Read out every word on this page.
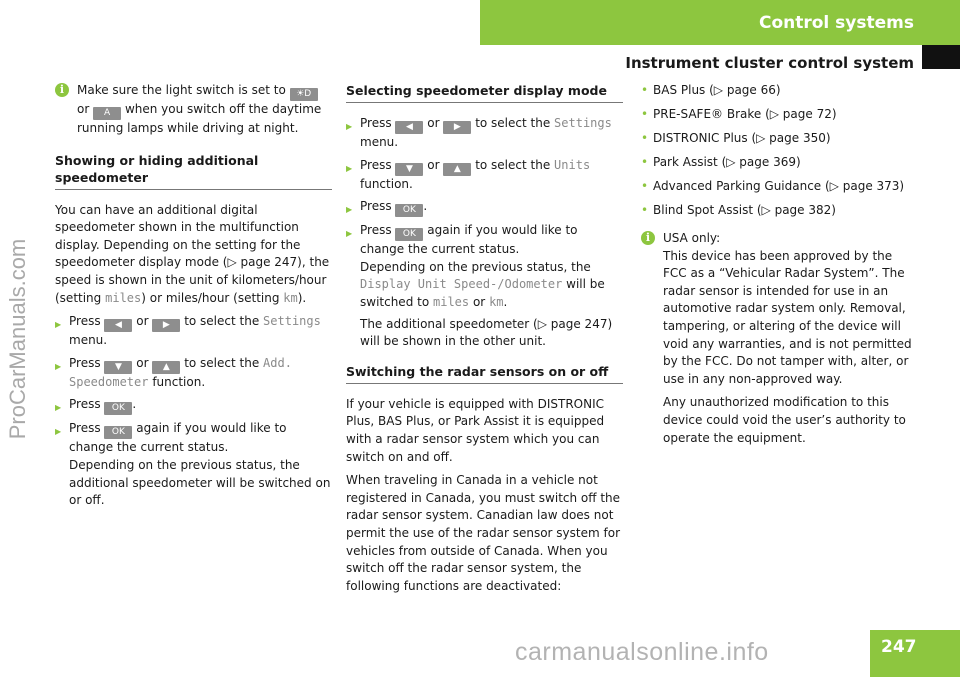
Control systems
Instrument cluster control system
ProCarManuals.com
i	Make sure the light switch is set to ☀D or A when you switch off the daytime running lamps while driving at night.
Showing or hiding additional speedometer

You can have an additional digital speedometer shown in the multifunction display. Depending on the setting for the speedometer display mode (▷ page 247), the speed is shown in the unit of kilometers/hour (setting miles) or miles/hour (setting km).

▶ Press ◀ or ▶ to select the Settings menu.
▶ Press ▼ or ▲ to select the Add. Speedometer function.
▶ Press OK .
▶ Press OK again if you would like to change the current status.
Depending on the previous status, the additional speedometer will be switched on or off.
Selecting speedometer display mode
▶ Press ◀ or ▶ to select the Settings menu.
▶ Press ▼ or ▲ to select the Units function.
▶ Press OK .
▶ Press OK again if you would like to change the current status.
Depending on the previous status, the Display Unit Speed-/Odometer will be switched to miles or km.

The additional speedometer (▷ page 247) will be shown in the other unit.

Switching the radar sensors on or off

If your vehicle is equipped with DISTRONIC Plus, BAS Plus, or Park Assist it is equipped with a radar sensor system which you can switch on and off.

When traveling in Canada in a vehicle not registered in Canada, you must switch off the radar sensor system. Canadian law does not permit the use of the radar sensor system for vehicles from outside of Canada. When you switch off the radar sensor system, the following functions are deactivated:

• BAS Plus (▷ page 66)
• PRE-SAFE® Brake (▷ page 72)
• DISTRONIC Plus (▷ page 350)
• Park Assist (▷ page 369)
• Advanced Parking Guidance (▷ page 373)
• Blind Spot Assist (▷ page 382)
i	USA only:

This device has been approved by the FCC as a “Vehicular Radar System”. The radar sensor is intended for use in an automotive radar system only. Removal, tampering, or altering of the device will void any warranties, and is not permitted by the FCC. Do not tamper with, alter, or use in any non-approved way.

Any unauthorized modification to this device could void the user’s authority to operate the equipment.

carmanualsonline.info	247
